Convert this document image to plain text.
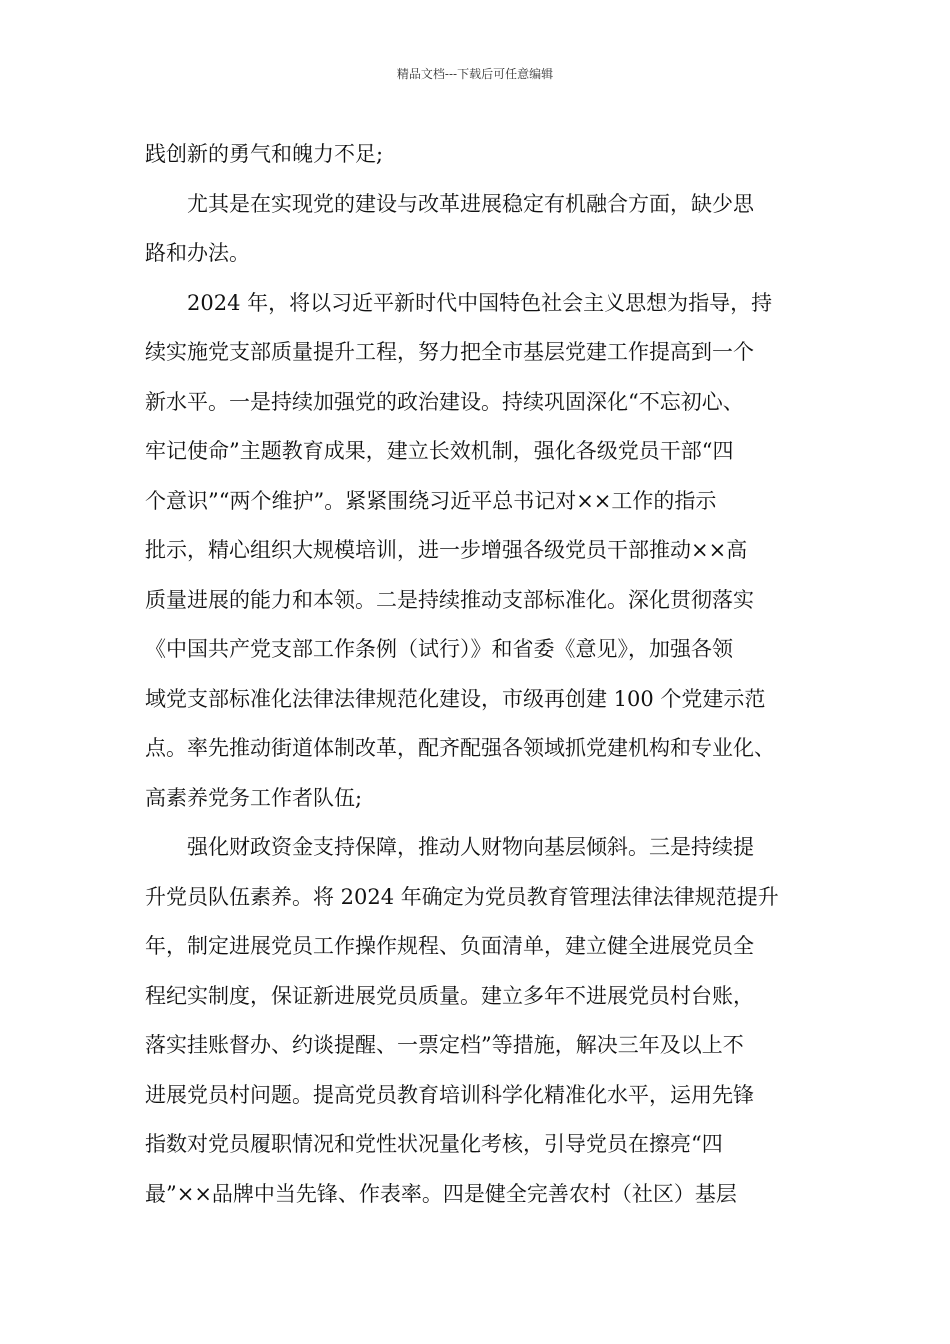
精品文档---下载后可任意编辑
践创新的勇气和魄力不足;
　　尤其是在实现党的建设与改革进展稳定有机融合方面，缺少思
路和办法。
　　2024 年，将以习近平新时代中国特色社会主义思想为指导，持
续实施党支部质量提升工程，努力把全市基层党建工作提高到一个
新水平。一是持续加强党的政治建设。持续巩固深化“不忘初心、
牢记使命”主题教育成果，建立长效机制，强化各级党员干部“四
个意识”“两个维护”。紧紧围绕习近平总书记对××工作的指示
批示，精心组织大规模培训，进一步增强各级党员干部推动××高
质量进展的能力和本领。二是持续推动支部标准化。深化贯彻落实
《中国共产党支部工作条例（试行）》和省委《意见》，加强各领
域党支部标准化法律法律规范化建设，市级再创建 100 个党建示范
点。率先推动街道体制改革，配齐配强各领域抓党建机构和专业化、
高素养党务工作者队伍;
　　强化财政资金支持保障，推动人财物向基层倾斜。三是持续提
升党员队伍素养。将 2024 年确定为党员教育管理法律法律规范提升
年，制定进展党员工作操作规程、负面清单，建立健全进展党员全
程纪实制度，保证新进展党员质量。建立多年不进展党员村台账，
落实挂账督办、约谈提醒、一票定档”等措施，解决三年及以上不
进展党员村问题。提高党员教育培训科学化精准化水平，运用先锋
指数对党员履职情况和党性状况量化考核，引导党员在擦亮“四
最”××品牌中当先锋、作表率。四是健全完善农村（社区）基层
